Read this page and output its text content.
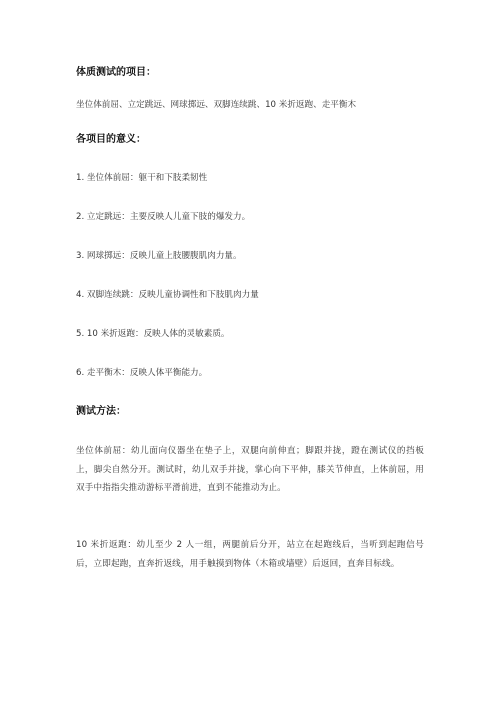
体质测试的项目：
坐位体前屈、立定跳远、网球掷远、双脚连续跳、10 米折返跑、走平衡木
各项目的意义：
1. 坐位体前屈：躯干和下肢柔韧性
2. 立定跳远：主要反映人儿童下肢的爆发力。
3. 网球掷远：反映儿童上肢腰腹肌肉力量。
4. 双脚连续跳：反映儿童协调性和下肢肌肉力量
5. 10 米折返跑：反映人体的灵敏素质。
6. 走平衡木：反映人体平衡能力。
测试方法：
坐位体前屈：幼儿面向仪器坐在垫子上，双腿向前伸直；脚跟并拢，蹬在测试仪的挡板上，脚尖自然分开。测试时，幼儿双手并拢，掌心向下平伸，膝关节伸直，上体前屈，用双手中指指尖推动游标平滑前进，直到不能推动为止。
10 米折返跑：幼儿至少 2 人一组，两腿前后分开，站立在起跑线后，当听到起跑信号后，立即起跑，直奔折返线，用手触摸到物体（木箱或墙壁）后返回，直奔目标线。
